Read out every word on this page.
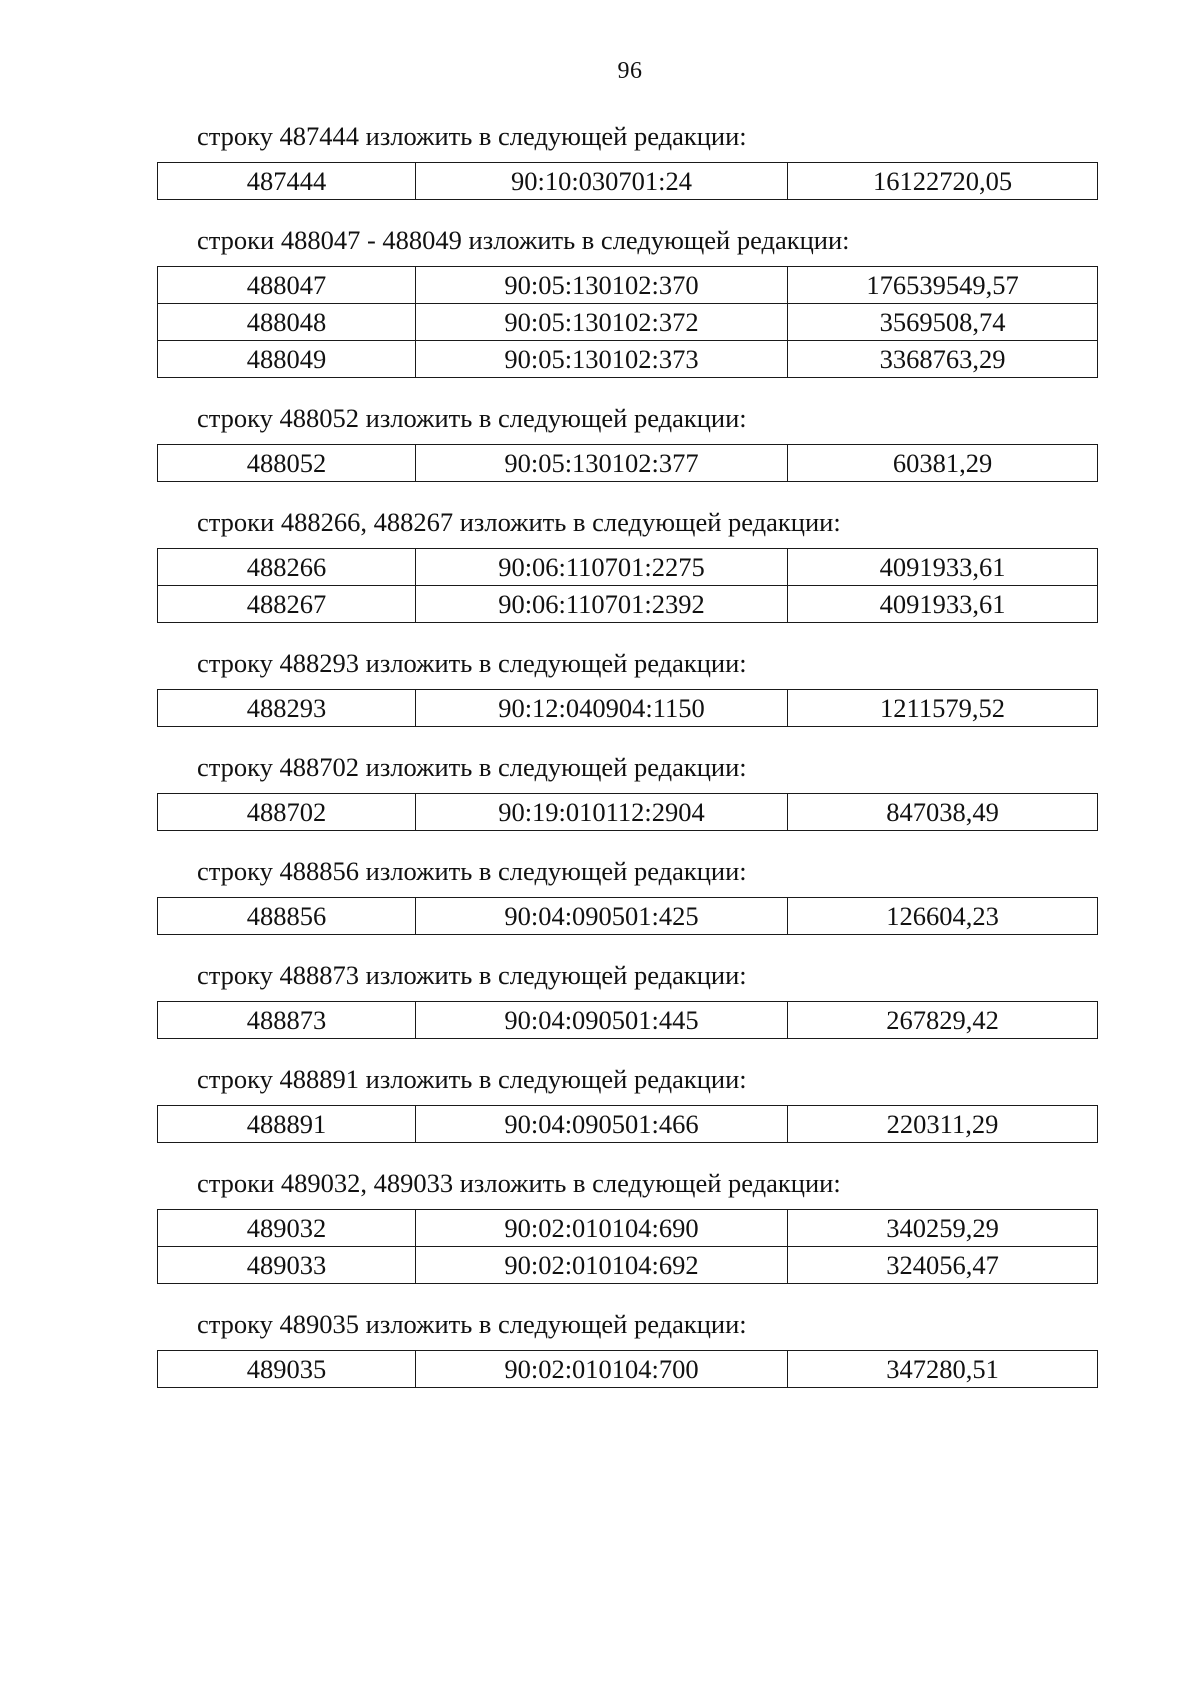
96
строку 487444 изложить в следующей редакции:
487444	90:10:030701:24	16122720,05
строки 488047 - 488049 изложить в следующей редакции:
488047	90:05:130102:370	176539549,57
488048	90:05:130102:372	3569508,74
488049	90:05:130102:373	3368763,29
строку 488052 изложить в следующей редакции:
488052	90:05:130102:377	60381,29
строки 488266, 488267 изложить в следующей редакции:
488266	90:06:110701:2275	4091933,61
488267	90:06:110701:2392	4091933,61
строку 488293 изложить в следующей редакции:
488293	90:12:040904:1150	1211579,52
строку 488702 изложить в следующей редакции:
488702	90:19:010112:2904	847038,49
строку 488856 изложить в следующей редакции:
488856	90:04:090501:425	126604,23
строку 488873 изложить в следующей редакции:
488873	90:04:090501:445	267829,42
строку 488891 изложить в следующей редакции:
488891	90:04:090501:466	220311,29
строки 489032, 489033 изложить в следующей редакции:
489032	90:02:010104:690	340259,29
489033	90:02:010104:692	324056,47
строку 489035 изложить в следующей редакции:
489035	90:02:010104:700	347280,51
